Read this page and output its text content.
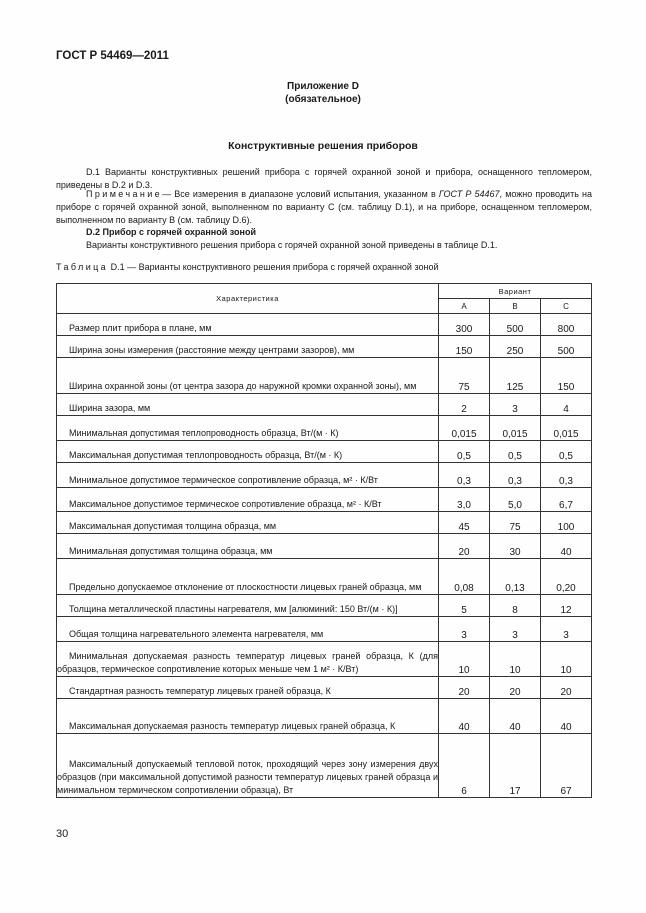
ГОСТ Р 54469—2011
Приложение D
(обязательное)
Конструктивные решения приборов
D.1 Варианты конструктивных решений прибора с горячей охранной зоной и прибора, оснащенного тепломером, приведены в D.2 и D.3.
Примечание— Все измерения в диапазоне условий испытания, указанном в ГОСТ Р 54467, можно проводить на приборе с горячей охранной зоной, выполненном по варианту С (см. таблицу D.1), и на приборе, оснащенном тепломером, выполненном по варианту В (см. таблицу D.6).
D.2 Прибор с горячей охранной зоной
Варианты конструктивного решения прибора с горячей охранной зоной приведены в таблице D.1.
Таблица D.1 — Варианты конструктивного решения прибора с горячей охранной зоной
Характеристика	Вариант		
	А	В	С

Размер плит прибора в плане, мм	300	500	800

Ширина зоны измерения (расстояние между центрами зазоров), мм	150	250	500

Ширина охранной зоны (от центра зазора до наружной кромки охранной зоны), мм	75	125	150

Ширина зазора, мм	2	3	4

Минимальная допустимая теплопроводность образца, Вт/(м · К)	0,015	0,015	0,015

Максимальная допустимая теплопроводность образца, Вт/(м · К)	0,5	0,5	0,5

Минимальное допустимое термическое сопротивление образца, м² · К/Вт	0,3	0,3	0,3

Максимальное допустимое термическое сопротивление образца, м² · К/Вт	3,0	5,0	6,7

Максимальная допустимая толщина образца, мм	45	75	100

Минимальная допустимая толщина образца, мм	20	30	40

Предельно допускаемое отклонение от плоскостности лицевых граней образца, мм	0,08	0,13	0,20

Толщина металлической пластины нагревателя, мм [алюминий: 150 Вт/(м · К)]	5	8	12

Общая толщина нагревательного элемента нагревателя, мм	3	3	3

Минимальная допускаемая разность температур лицевых граней образца, К (для образцов, термическое сопротивление которых меньше чем 1 м² · К/Вт)	10	10	10

Стандартная разность температур лицевых граней образца, К	20	20	20

Максимальная допускаемая разность температур лицевых граней образца, К	40	40	40

Максимальный допускаемый тепловой поток, проходящий через зону измерения двух образцов (при максимальной допустимой разности температур лицевых граней образца и минимальном термическом сопротивлении образца), Вт	6	17	67
30
